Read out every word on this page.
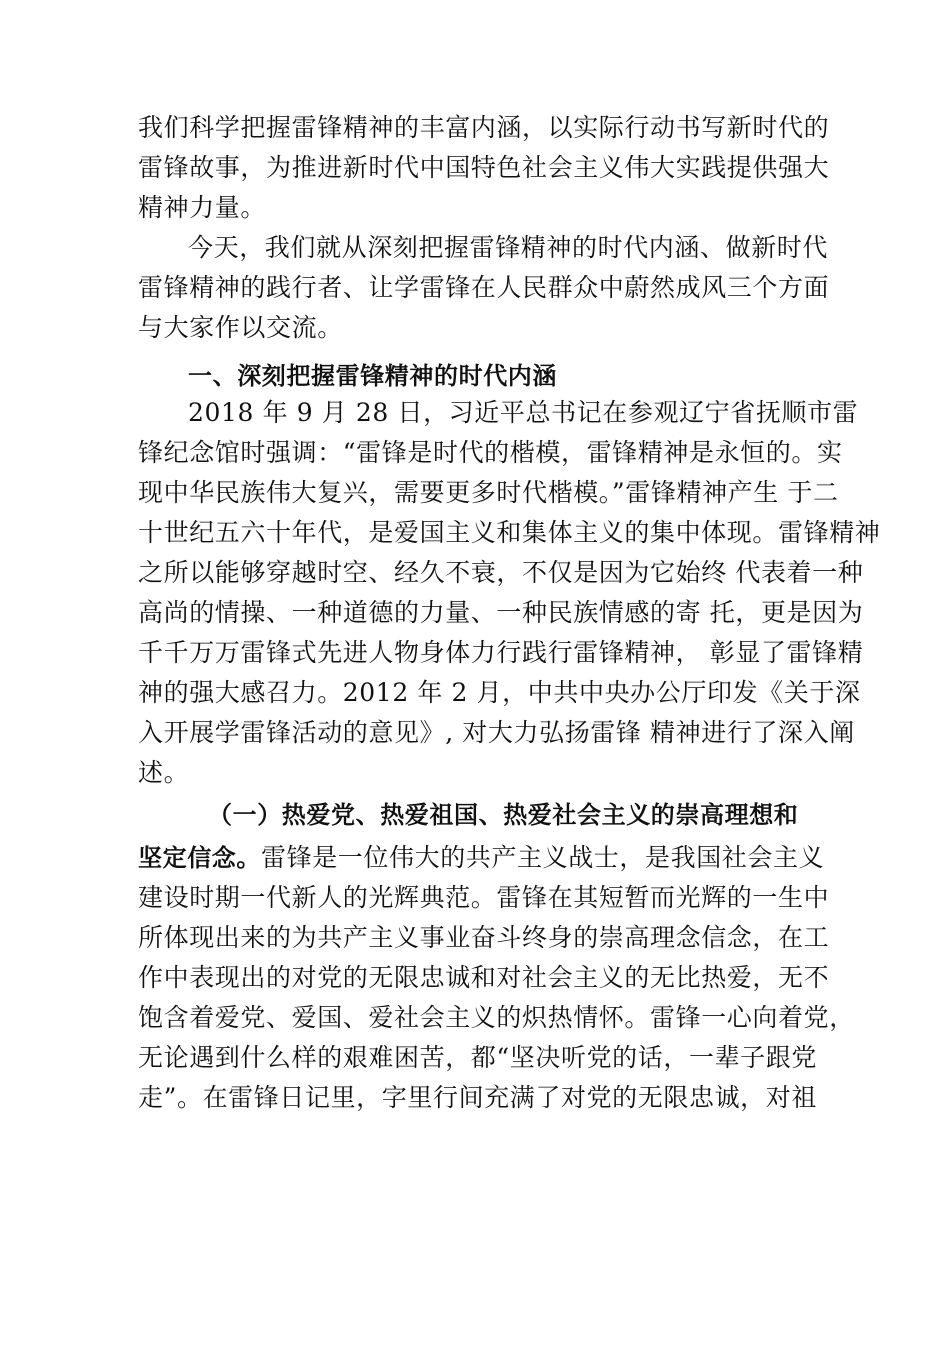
我们科学把握雷锋精神的丰富内涵，以实际行动书写新时代的
雷锋故事，为推进新时代中国特色社会主义伟大实践提供强大
精神力量。
今天，我们就从深刻把握雷锋精神的时代内涵、做新时代
雷锋精神的践行者、让学雷锋在人民群众中蔚然成风三个方面
与大家作以交流。
一、深刻把握雷锋精神的时代内涵
2018 年 9 月 28 日，习近平总书记在参观辽宁省抚顺市雷
锋纪念馆时强调：“雷锋是时代的楷模，雷锋精神是永恒的。实
现中华民族伟大复兴，需要更多时代楷模。”雷锋精神产生 于二
十世纪五六十年代，是爱国主义和集体主义的集中体现。雷锋精神
之所以能够穿越时空、经久不衰，不仅是因为它始终 代表着一种
高尚的情操、一种道德的力量、一种民族情感的寄 托，更是因为
千千万万雷锋式先进人物身体力行践行雷锋精神， 彰显了雷锋精
神的强大感召力。2012 年 2 月，中共中央办公厅印发《关于深
入开展学雷锋活动的意见》, 对大力弘扬雷锋 精神进行了深入阐
述。
（一）热爱党、热爱祖国、热爱社会主义的崇高理想和
坚定信念。雷锋是一位伟大的共产主义战士，是我国社会主义
建设时期一代新人的光辉典范。雷锋在其短暂而光辉的一生中
所体现出来的为共产主义事业奋斗终身的崇高理念信念，在工
作中表现出的对党的无限忠诚和对社会主义的无比热爱，无不
饱含着爱党、爱国、爱社会主义的炽热情怀。雷锋一心向着党，
无论遇到什么样的艰难困苦，都“坚决听党的话，一辈子跟党
走”。在雷锋日记里，字里行间充满了对党的无限忠诚，对祖
